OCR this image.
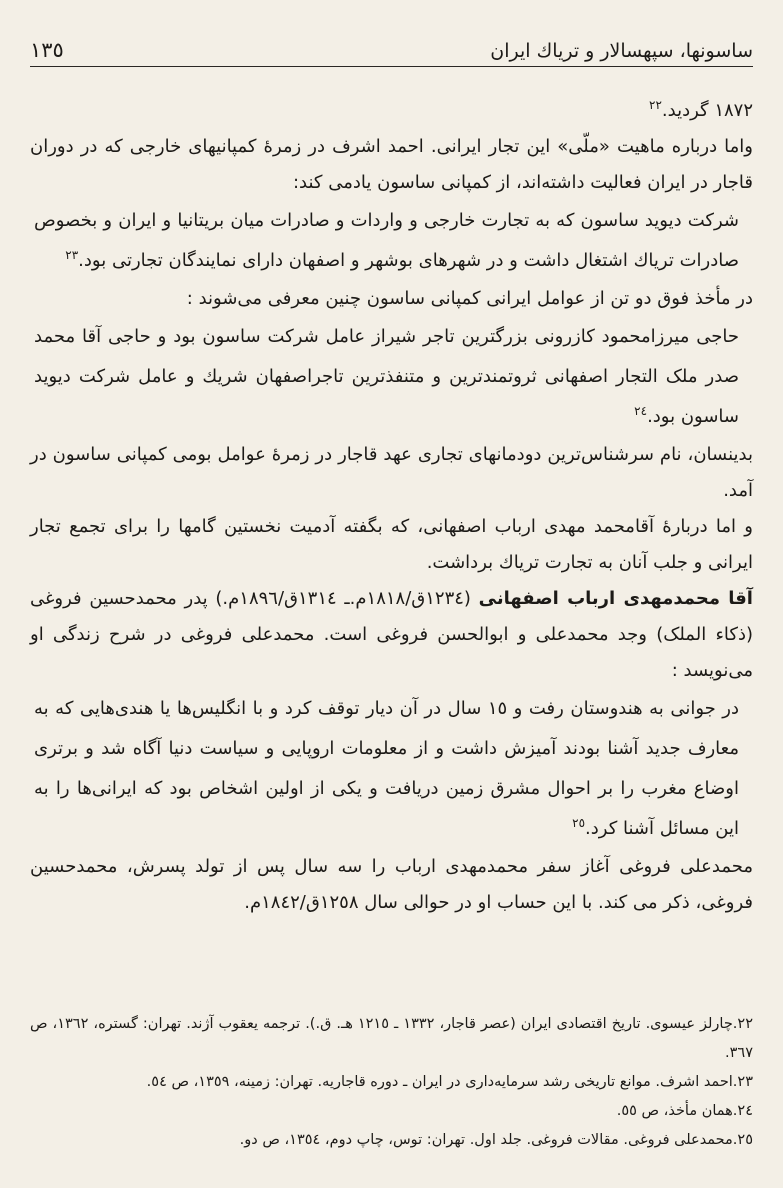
ساسونها، سپهسالار و تریاك ایران
١٣٥

١٨٧٢ گردید.$^{٢٢}$

واما درباره ماهیت «ملّی» این تجار ایرانی. احمد اشرف در زمرهٔ کمپانیهای خارجی که در دوران قاجار در ایران فعالیت داشته‌اند، از کمپانی ساسون یادمی کند:

شرکت دیوید ساسون که به تجارت خارجی و واردات و صادرات میان بریتانیا و ایران و بخصوص صادرات تریاك اشتغال داشت و در شهرهای بوشهر و اصفهان دارای نمایندگان تجارتی بود.$^{٢٣}$

در مأخذ فوق دو تن از عوامل ایرانی کمپانی ساسون چنین معرفی می‌شوند :

حاجی میرزامحمود کازرونی بزرگترین تاجر شیراز عامل شرکت ساسون بود و حاجی آقا محمد صدر ملک التجار اصفهانی ثروتمندترین و متنفذترین تاجراصفهان شریك و عامل شرکت دیوید ساسون بود.$^{٢٤}$

بدینسان، نام سرشناس‌ترین دودمانهای تجاری عهد قاجار در زمرهٔ عوامل بومی کمپانی ساسون در آمد.

و اما دربارهٔ آقامحمد مهدی ارباب اصفهانی، که بگفته آدمیت نخستین گامها را برای تجمع تجار ایرانی و جلب آنان به تجارت تریاك برداشت.

آقا محمدمهدی ارباب اصفهانی (١٢٣٤ق/١٨١٨م.ـ ١٣١٤ق/١٨٩٦م.) پدر محمدحسین فروغی (ذکاء الملک) وجد محمدعلی و ابوالحسن فروغی است. محمدعلی فروغی در شرح زندگی او می‌نویسد :

در جوانی به هندوستان رفت و ١٥ سال در آن دیار توقف کرد و با انگلیس‌ها یا هندی‌هایی که به معارف جدید آشنا بودند آمیزش داشت و از معلومات اروپایی و سیاست دنیا آگاه شد و برتری اوضاع مغرب را بر احوال مشرق زمین دریافت و یکی از اولین اشخاص بود که ایرانی‌ها را به این مسائل آشنا کرد.$^{٢٥}$

محمدعلی فروغی آغاز سفر محمدمهدی ارباب را سه سال پس از تولد پسرش، محمدحسین فروغی، ذکر می کند. با این حساب او در حوالی سال ١٢٥٨ق/١٨٤٢م.

٢٢.چارلز عیسوی. تاریخ اقتصادی ایران (عصر قاجار، ١٣٣٢ ـ ١٢١٥ هـ. ق.). ترجمه یعقوب آژند. تهران: گستره، ١٣٦٢، ص ٣٦٧.

٢٣.احمد اشرف. موانع تاریخی رشد سرمایه‌داری در ایران ـ دوره قاجاریه. تهران: زمینه، ١٣٥٩، ص ٥٤.

٢٤.همان مأخذ، ص ٥٥.

٢٥.محمدعلی فروغی. مقالات فروغی. جلد اول. تهران: توس، چاپ دوم، ١٣٥٤، ص دو.
